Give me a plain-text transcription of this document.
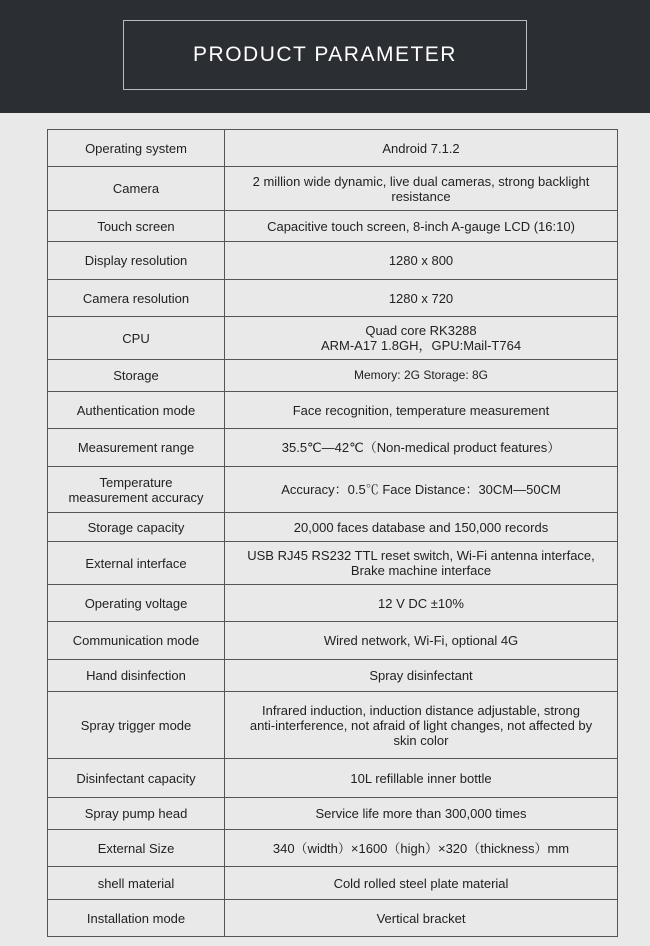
PRODUCT PARAMETER
Operating system	Android 7.1.2
Camera	2 million wide dynamic, live dual cameras, strong backlight
resistance
Touch screen	Capacitive touch screen, 8-inch A-gauge LCD (16:10)
Display resolution	1280 x 800
Camera resolution	1280 x 720
CPU	Quad core RK3288
ARM-A17 1.8GH，GPU:Mail-T764
Storage	Memory: 2G Storage: 8G
Authentication mode	Face recognition, temperature measurement
Measurement range	35.5℃—42℃（Non-medical product features）
Temperature
measurement accuracy	Accuracy：0.5℃ Face Distance：30CM—50CM
Storage capacity	20,000 faces database and 150,000 records
External interface	USB RJ45 RS232 TTL reset switch, Wi-Fi antenna interface,
Brake machine interface
Operating voltage	12 V DC ±10%
Communication mode	Wired network, Wi-Fi, optional 4G
Hand disinfection	Spray disinfectant
Spray trigger mode	Infrared induction, induction distance adjustable, strong
anti-interference, not afraid of light changes, not affected by
skin color
Disinfectant capacity	10L refillable inner bottle
Spray pump head	Service life more than 300,000 times
External Size	340（width）×1600（high）×320（thickness）mm
shell material	Cold rolled steel plate material
Installation mode	Vertical bracket
